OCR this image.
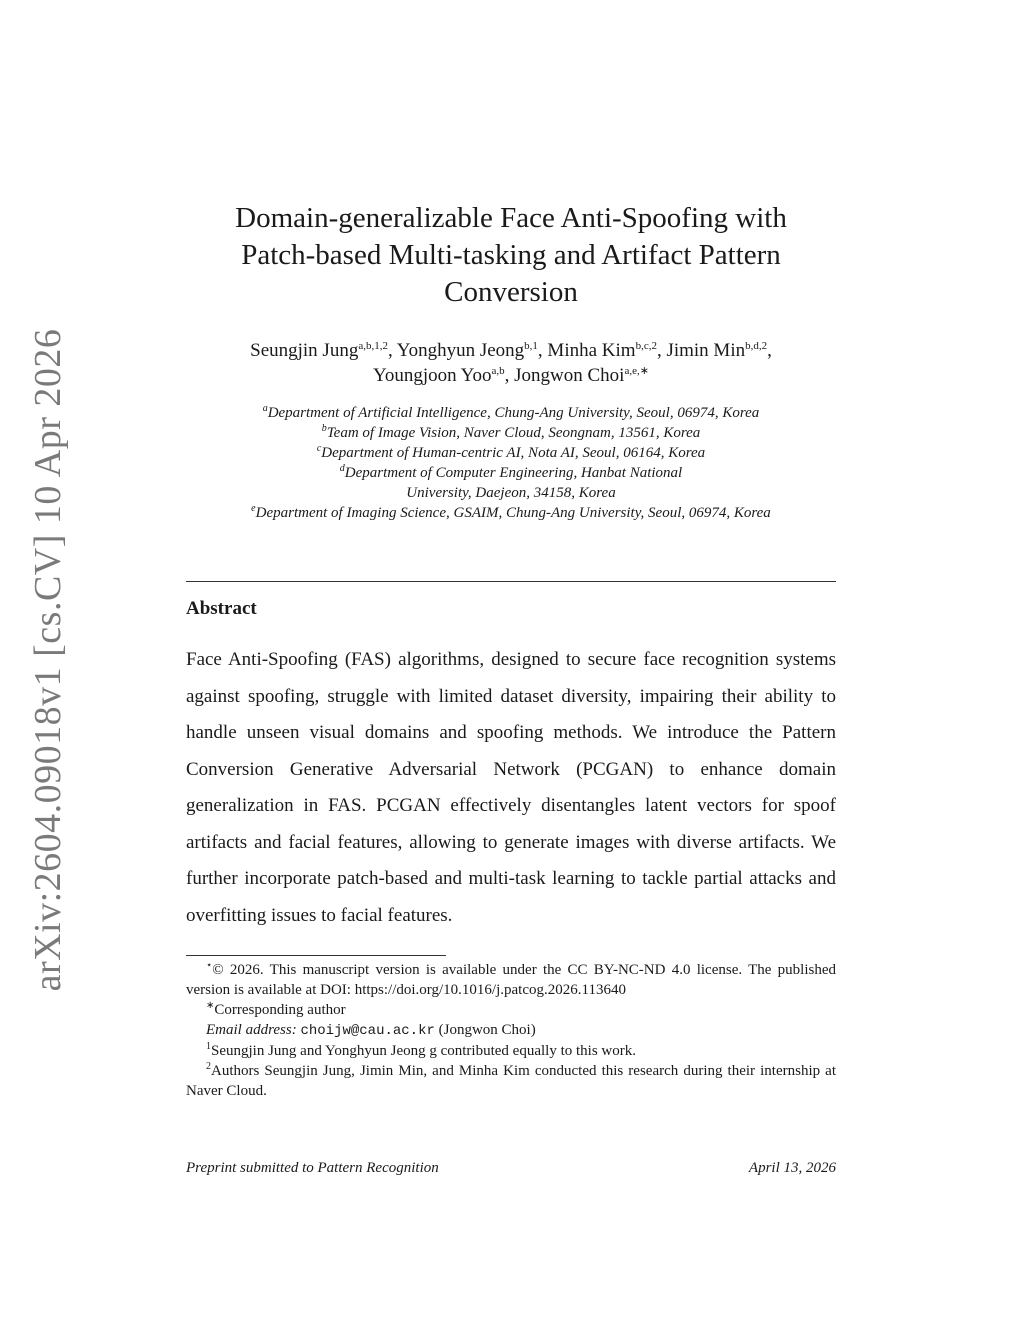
arXiv:2604.09018v1 [cs.CV] 10 Apr 2026
Domain-generalizable Face Anti-Spoofing with
Patch-based Multi-tasking and Artifact Pattern
Conversion
Seungjin Jung$^{a,b,1,2}$, Yonghyun Jeong$^{b,1}$, Minha Kim$^{b,c,2}$, Jimin Min$^{b,d,2}$,
Youngjoon Yoo$^{a,b}$, Jongwon Choi$^{a,e,∗}$
$^a$Department of Artificial Intelligence, Chung-Ang University, Seoul, 06974, Korea
$^b$Team of Image Vision, Naver Cloud, Seongnam, 13561, Korea
$^c$Department of Human-centric AI, Nota AI, Seoul, 06164, Korea
$^d$Department of Computer Engineering, Hanbat National
University, Daejeon, 34158, Korea
$^e$Department of Imaging Science, GSAIM, Chung-Ang University, Seoul, 06974, Korea
Abstract

Face Anti-Spoofing (FAS) algorithms, designed to secure face recognition systems against spoofing, struggle with limited dataset diversity, impairing their ability to handle unseen visual domains and spoofing methods. We introduce the Pattern Conversion Generative Adversarial Network (PCGAN) to enhance domain generalization in FAS. PCGAN effectively disentangles latent vectors for spoof artifacts and facial features, allowing to generate images with diverse artifacts. We further incorporate patch-based and multi-task learning to tackle partial attacks and overfitting issues to facial features.

⋆© 2026. This manuscript version is available under the CC BY-NC-ND 4.0 license. The published version is available at DOI: https://doi.org/10.1016/j.patcog.2026.113640

∗Corresponding author

Email address: choijw@cau.ac.kr (Jongwon Choi)

$^1$Seungjin Jung and Yonghyun Jeong g contributed equally to this work.

$^2$Authors Seungjin Jung, Jimin Min, and Minha Kim conducted this research during their internship at Naver Cloud.

Preprint submitted to Pattern Recognition	April 13, 2026
